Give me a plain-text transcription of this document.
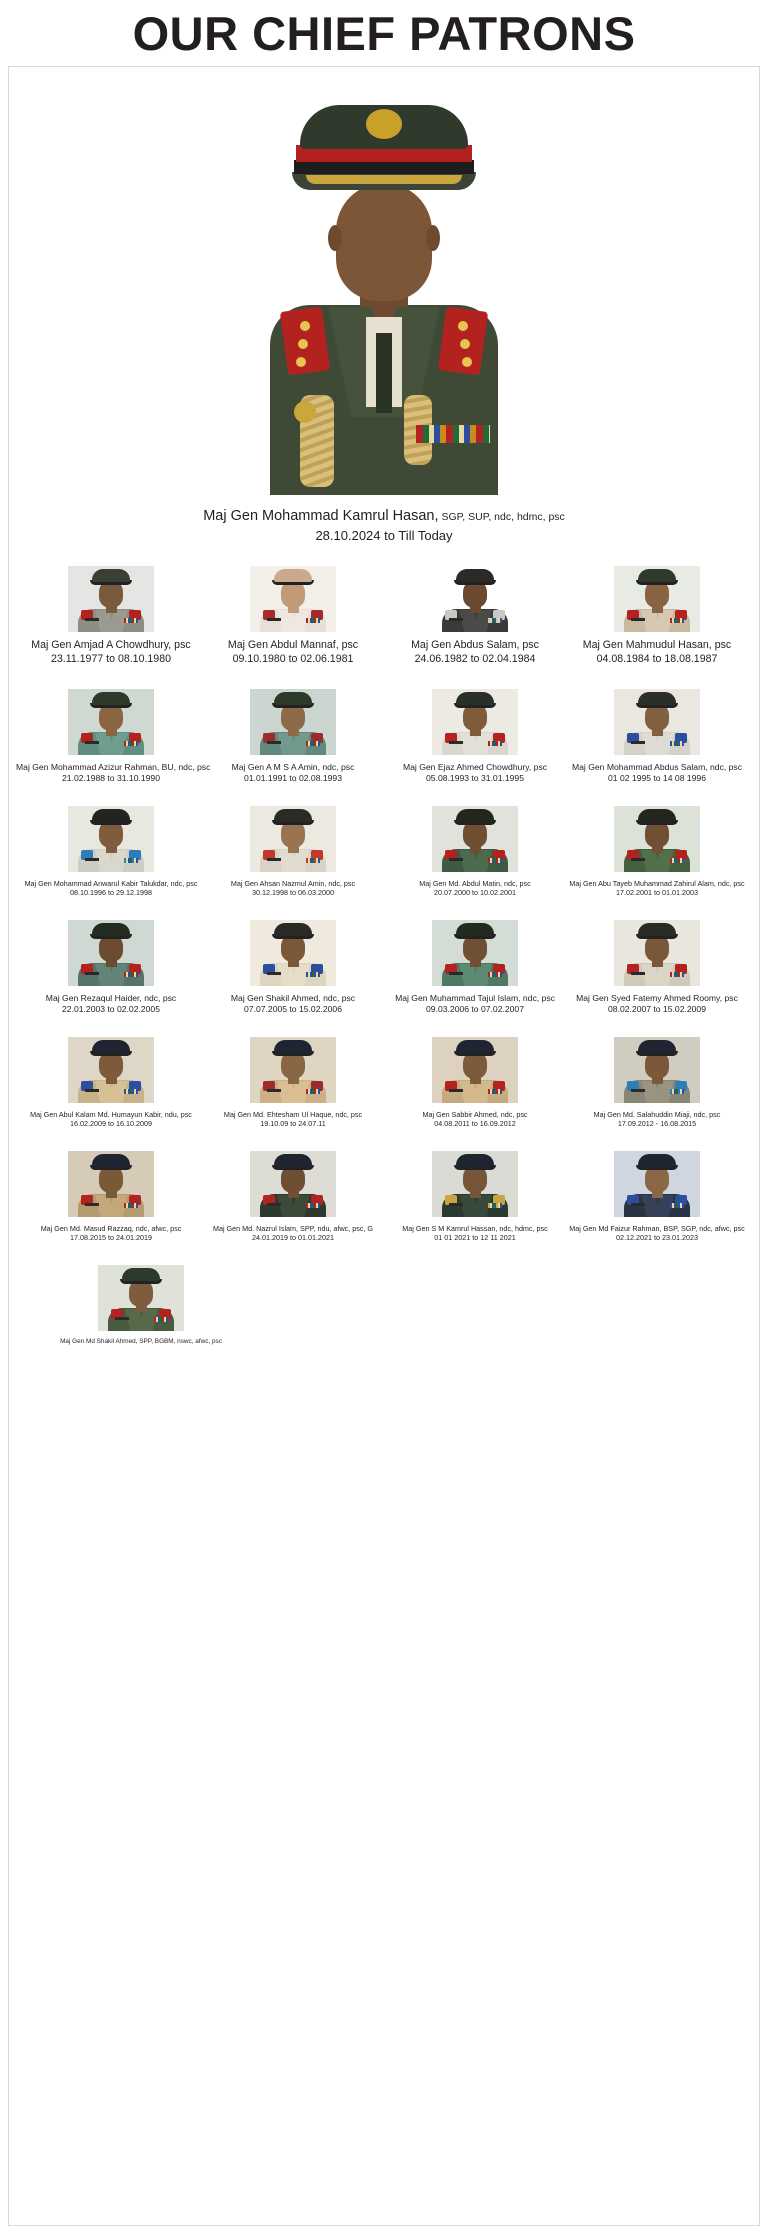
OUR CHIEF PATRONS
Maj Gen Mohammad Kamrul Hasan, SGP, SUP, ndc, hdmc, psc
28.10.2024 to Till Today
Maj Gen Amjad A Chowdhury, psc
23.11.1977 to 08.10.1980
Maj Gen Abdul Mannaf, psc
09.10.1980 to 02.06.1981
Maj Gen Abdus Salam, psc
24.06.1982 to 02.04.1984
Maj Gen Mahmudul Hasan, psc
04.08.1984 to 18.08.1987
Maj Gen Mohammad Azizur Rahman, BU, ndc, psc
21.02.1988 to 31.10.1990
Maj Gen A M S A Amin, ndc, psc
01.01.1991 to 02.08.1993
Maj Gen Ejaz Ahmed Chowdhury, psc
05.08.1993 to 31.01.1995
Maj Gen Mohammad Abdus Salam, ndc, psc
01 02 1995 to 14 08 1996
Maj Gen Mohammad Anwarul Kabir Talukdar, ndc, psc
08.10.1996 to 29.12.1998
Maj Gen Ahsan Nazmul Amin, ndc, psc
30.12.1998 to 06.03.2000
Maj Gen Md. Abdul Matin, ndc, psc
20.07.2000 to 10.02.2001
Maj Gen Abu Tayeb Muhammad Zahirul Alam, ndc, psc
17.02.2001 to 01.01.2003
Maj Gen Rezaqul Haider, ndc, psc
22.01.2003 to 02.02.2005
Maj Gen Shakil Ahmed, ndc, psc
07.07.2005 to 15.02.2006
Maj Gen Muhammad Tajul Islam, ndc, psc
09.03.2006 to 07.02.2007
Maj Gen Syed Fatemy Ahmed Roomy, psc
08.02.2007 to 15.02.2009
Maj Gen Abul Kalam Md. Humayun Kabir, ndu, psc
16.02.2009 to 16.10.2009
Maj Gen Md. Ehtesham Ul Haque, ndc, psc
19.10.09 to 24.07.11
Maj Gen Sabbir Ahmed, ndc, psc
04.08.2011 to 16.09.2012
Maj Gen Md. Salahuddin Miaji, ndc, psc
17.09.2012 - 16.08.2015
Maj Gen Md. Masud Razzaq, ndc, afwc, psc
17.08.2015 to 24.01.2019
Maj Gen Md. Nazrul Islam, SPP, ndu, afwc, psc, G
24.01.2019 to 01.01.2021
Maj Gen S M Kamrul Hassan, ndc, hdmc, psc
01 01 2021 to 12 11 2021
Maj Gen Md Faizur Rahman, BSP, SGP, ndc, afwc, psc
02.12.2021 to 23.01.2023
Maj Gen Md Shakil Ahmed, SPP, BGBM, nswc, afwc, psc
